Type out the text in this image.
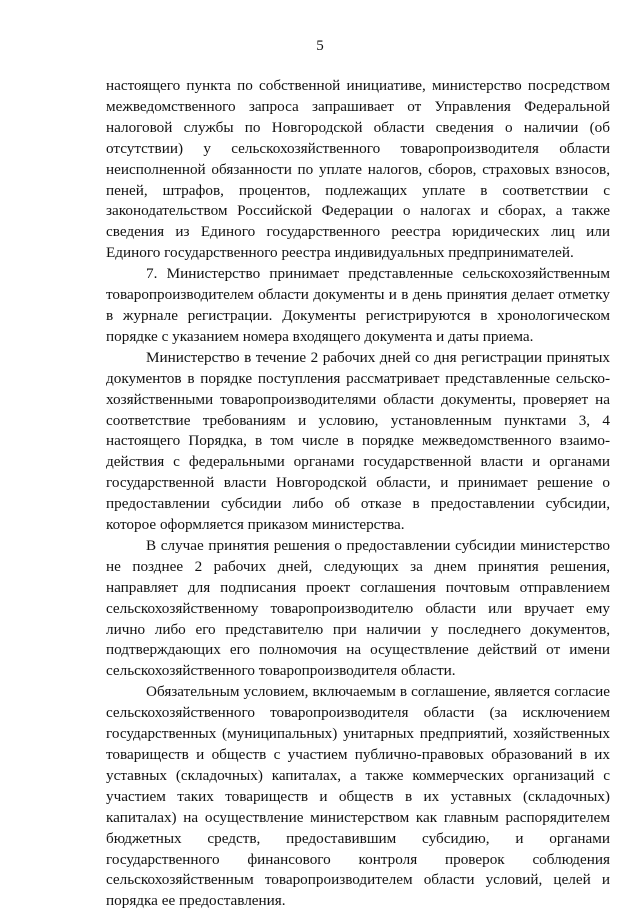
5

настоящего пункта по собственной инициативе, министерство посредством межведомственного запроса запрашивает от Управления Федеральной налоговой службы по Новгородской области сведения о наличии (об отсутствии) у сельскохозяйственного товаропроизводителя области неисполненной обязанности по уплате налогов, сборов, страховых взносов, пеней, штрафов, процентов, подлежащих уплате в соответствии с законодательством Российской Федерации о налогах и сборах, а также сведения из Единого государственного реестра юридических лиц или Единого государственного реестра индивидуальных предпринимателей.

7. Министерство принимает представленные сельскохозяйственным товаропроизводителем области документы и в день принятия делает отметку в журнале регистрации. Документы регистрируются в хронологическом порядке с указанием номера входящего документа и даты приема.

Министерство в течение 2 рабочих дней со дня регистрации принятых документов в порядке поступления рассматривает представленные сельскохозяйственными товаропроизводителями области документы, проверяет на соответствие требованиям и условию, установленным пунктами 3, 4 настоящего Порядка, в том числе в порядке межведомственного взаимодействия с федеральными органами государственной власти и органами государственной власти Новгородской области, и принимает решение о предоставлении субсидии либо об отказе в предоставлении субсидии, которое оформляется приказом министерства.

В случае принятия решения о предоставлении субсидии министерство не позднее 2 рабочих дней, следующих за днем принятия решения, направляет для подписания проект соглашения почтовым отправлением сельскохозяйственному товаропроизводителю области или вручает ему лично либо его представителю при наличии у последнего документов, подтверждающих его полномочия на осуществление действий от имени сельскохозяйственного товаропроизводителя области.

Обязательным условием, включаемым в соглашение, является согласие сельскохозяйственного товаропроизводителя области (за исключением государственных (муниципальных) унитарных предприятий, хозяйственных товариществ и обществ с участием публично-правовых образований в их уставных (складочных) капиталах, а также коммерческих организаций с участием таких товариществ и обществ в их уставных (складочных) капиталах) на осуществление министерством как главным распорядителем бюджетных средств, предоставившим субсидию, и органами государственного финансового контроля проверок соблюдения сельскохозяйственным товаропроизводителем области условий, целей и порядка ее предоставления.
